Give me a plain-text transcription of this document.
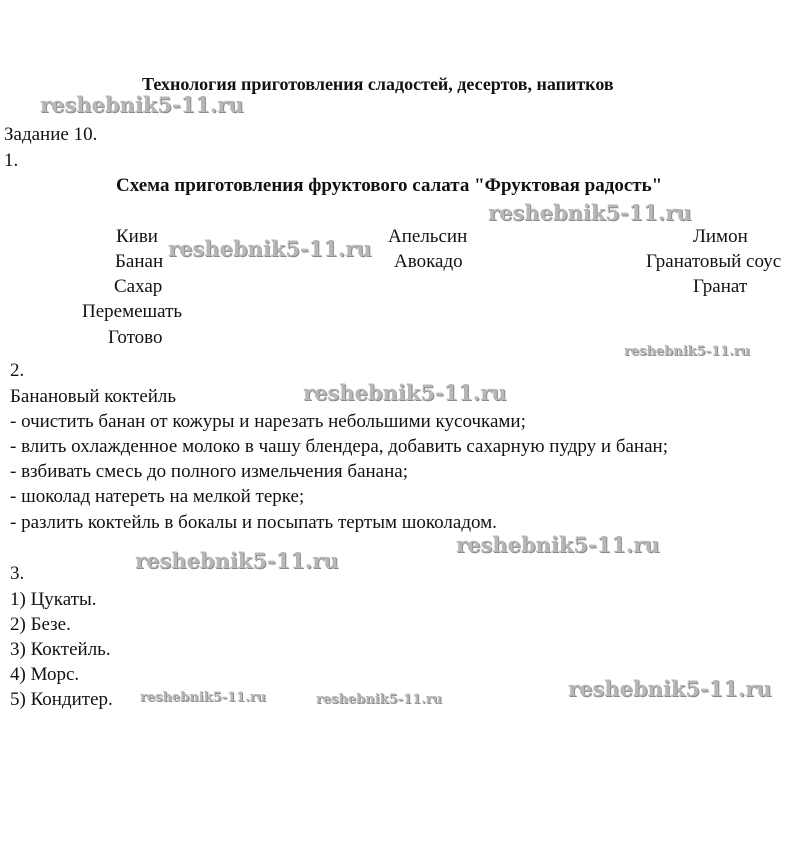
Технология приготовления сладостей, десертов, напитков
Задание 10.
1.
Схема приготовления фруктового салата "Фруктовая радость"
Киви
Банан
Сахар
Перемешать
Готово
Апельсин
Авокадо
Лимон
Гранатовый соус
Гранат
2.
Банановый коктейль
- очистить банан от кожуры и нарезать небольшими кусочками;
- влить охлажденное молоко в чашу блендера, добавить сахарную пудру и банан;
- взбивать смесь до полного измельчения банана;
- шоколад натереть на мелкой терке;
- разлить коктейль в бокалы и посыпать тертым шоколадом.
3.
1) Цукаты.
2) Безе.
3) Коктейль.
4) Морс.
5) Кондитер.
reshebnik5-11.ru
reshebnik5-11.ru
reshebnik5-11.ru
reshebnik5-11.ru
reshebnik5-11.ru
reshebnik5-11.ru
reshebnik5-11.ru
reshebnik5-11.ru
reshebnik5-11.ru	reshebnik5-11.ru
